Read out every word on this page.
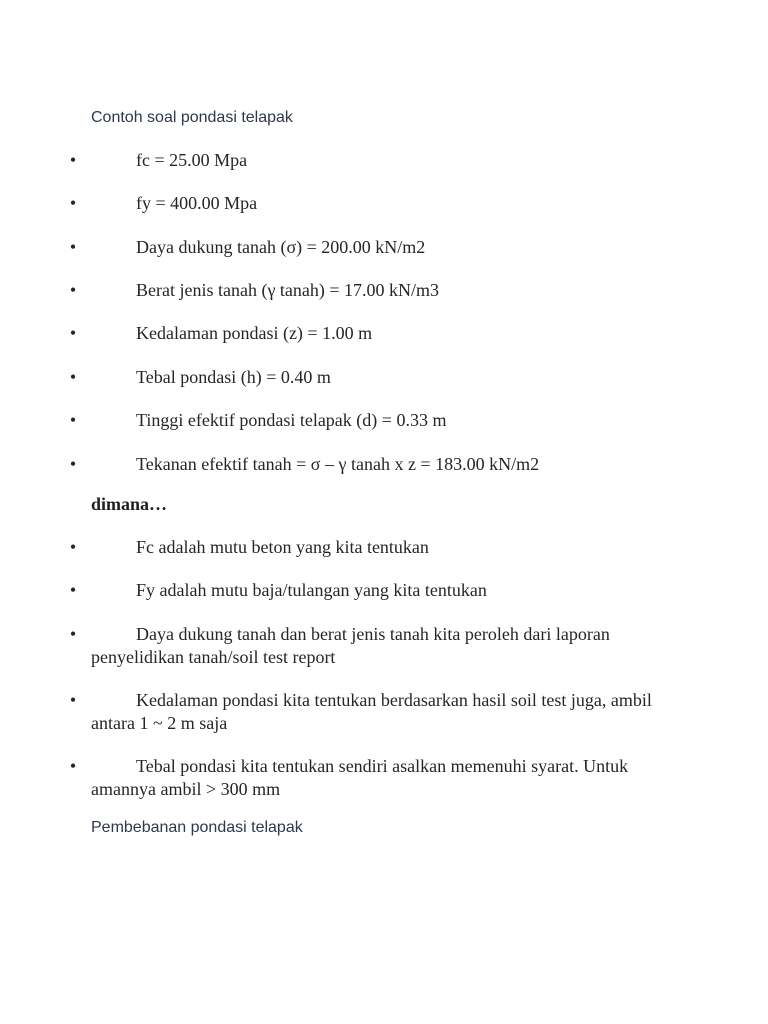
Contoh soal pondasi telapak
•	fc = 25.00 Mpa
•	fy = 400.00 Mpa
•	Daya dukung tanah (σ) = 200.00 kN/m2
•	Berat jenis tanah (γ tanah) = 17.00 kN/m3
•	Kedalaman pondasi (z) = 1.00 m
•	Tebal pondasi (h) = 0.40 m
•	Tinggi efektif pondasi telapak (d) = 0.33 m
•	Tekanan efektif tanah = σ – γ tanah x z = 183.00 kN/m2
dimana…
•	Fc adalah mutu beton yang kita tentukan
•	Fy adalah mutu baja/tulangan yang kita tentukan
•	Daya dukung tanah dan berat jenis tanah kita peroleh dari laporan penyelidikan tanah/soil test report
•	Kedalaman pondasi kita tentukan berdasarkan hasil soil test juga, ambil antara 1 ~ 2 m saja
•	Tebal pondasi kita tentukan sendiri asalkan memenuhi syarat. Untuk amannya ambil > 300 mm
Pembebanan pondasi telapak
